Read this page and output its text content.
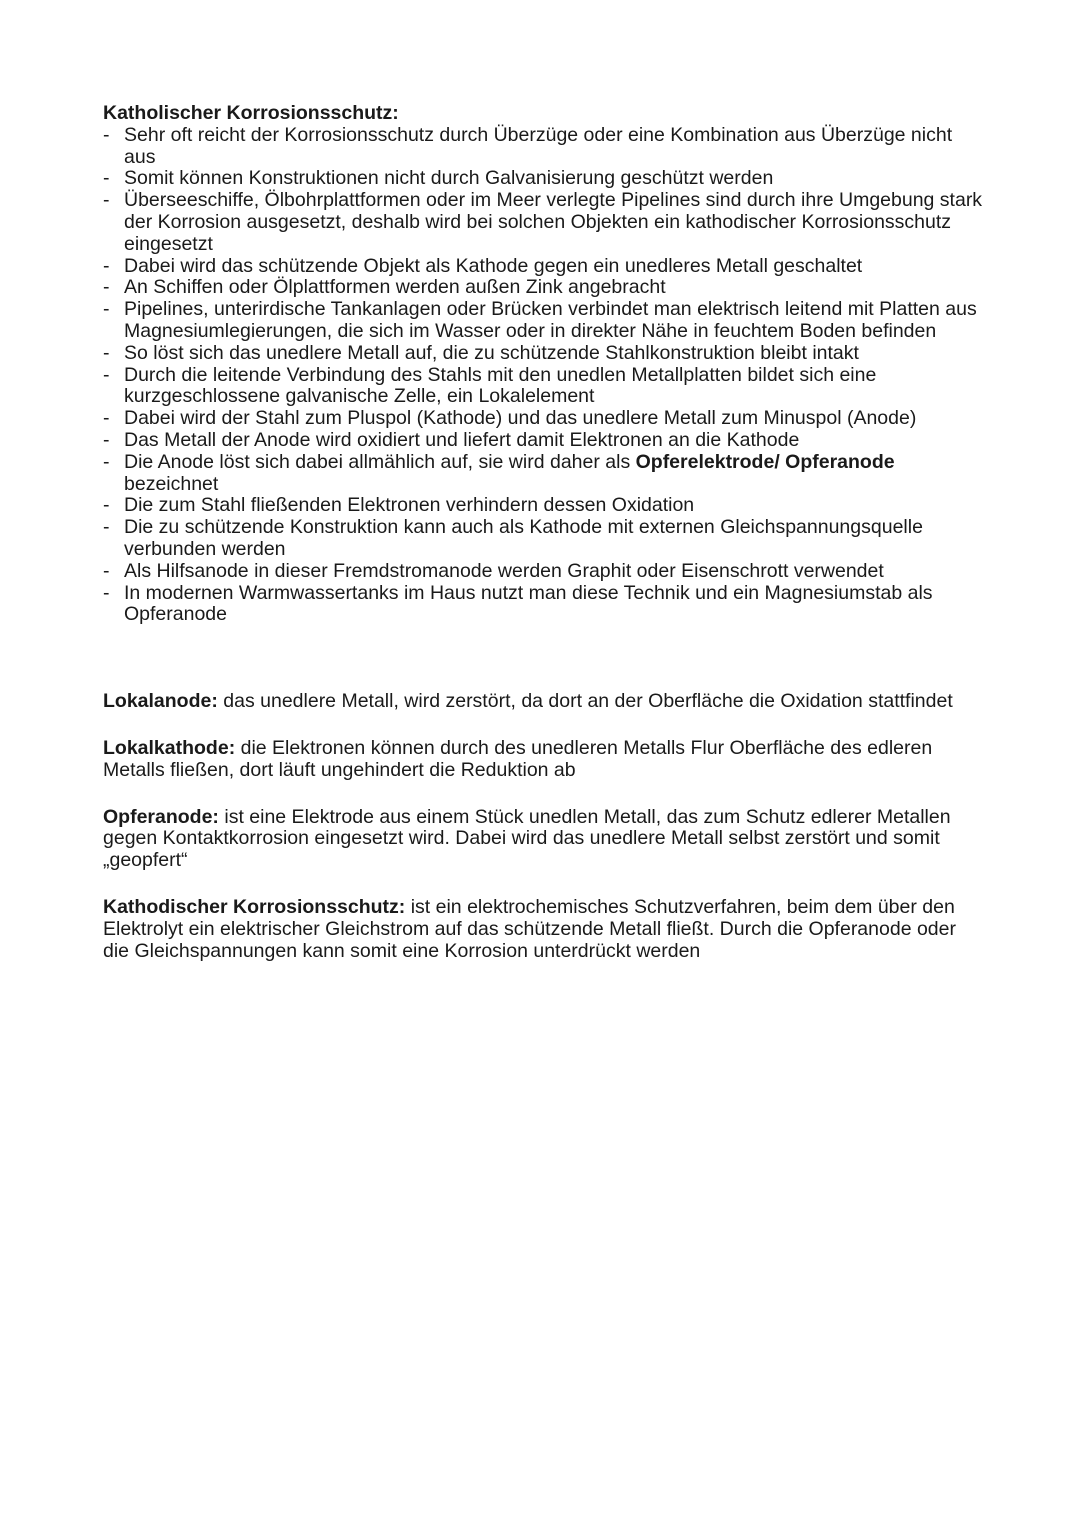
Katholischer Korrosionsschutz:

- Sehr oft reicht der Korrosionsschutz durch Überzüge oder eine Kombination aus Überzüge nicht aus
- Somit können Konstruktionen nicht durch Galvanisierung geschützt werden
- Überseeschiffe, Ölbohrplattformen oder im Meer verlegte Pipelines sind durch ihre Umgebung stark der Korrosion ausgesetzt, deshalb wird bei solchen Objekten ein kathodischer Korrosionsschutz eingesetzt
- Dabei wird das schützende Objekt als Kathode gegen ein unedleres Metall geschaltet
- An Schiffen oder Ölplattformen werden außen Zink angebracht
- Pipelines, unterirdische Tankanlagen oder Brücken verbindet man elektrisch leitend mit Platten aus Magnesiumlegierungen, die sich im Wasser oder in direkter Nähe in feuchtem Boden befinden
- So löst sich das unedlere Metall auf, die zu schützende Stahlkonstruktion bleibt intakt
- Durch die leitende Verbindung des Stahls mit den unedlen Metallplatten bildet sich eine kurzgeschlossene galvanische Zelle, ein Lokalelement
- Dabei wird der Stahl zum Pluspol (Kathode) und das unedlere Metall zum Minuspol (Anode)
- Das Metall der Anode wird oxidiert und liefert damit Elektronen an die Kathode
- Die Anode löst sich dabei allmählich auf, sie wird daher als Opferelektrode/ Opferanode bezeichnet
- Die zum Stahl fließenden Elektronen verhindern dessen Oxidation
- Die zu schützende Konstruktion kann auch als Kathode mit externen Gleichspannungsquelle verbunden werden
- Als Hilfsanode in dieser Fremdstromanode werden Graphit oder Eisenschrott verwendet
- In modernen Warmwassertanks im Haus nutzt man diese Technik und ein Magnesiumstab als Opferanode

Lokalanode: das unedlere Metall, wird zerstört, da dort an der Oberfläche die Oxidation stattfindet

Lokalkathode: die Elektronen können durch des unedleren Metalls Flur Oberfläche des edleren Metalls fließen, dort läuft ungehindert die Reduktion ab

Opferanode: ist eine Elektrode aus einem Stück unedlen Metall, das zum Schutz edlerer Metallen gegen Kontaktkorrosion eingesetzt wird. Dabei wird das unedlere Metall selbst zerstört und somit „geopfert“

Kathodischer Korrosionsschutz: ist ein elektrochemisches Schutzverfahren, beim dem über den Elektrolyt ein elektrischer Gleichstrom auf das schützende Metall fließt. Durch die Opferanode oder die Gleichspannungen kann somit eine Korrosion unterdrückt werden
